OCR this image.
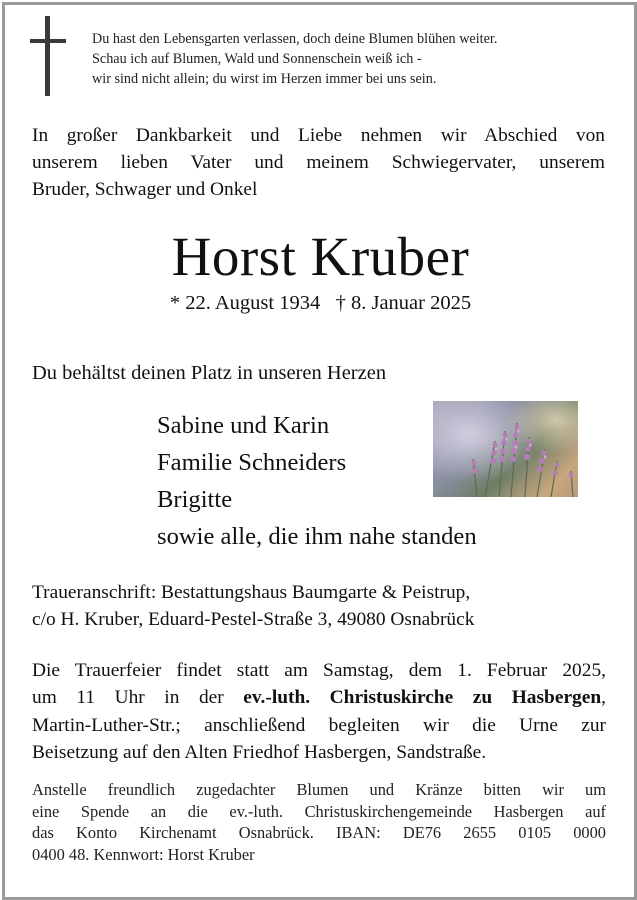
Du hast den Lebensgarten verlassen, doch deine Blumen blühen weiter.
Schau ich auf Blumen, Wald und Sonnenschein weiß ich -
wir sind nicht allein; du wirst im Herzen immer bei uns sein.
In großer Dankbarkeit und Liebe nehmen wir Abschied von
unserem lieben Vater und meinem Schwiegervater, unserem
Bruder, Schwager und Onkel
Horst Kruber
* 22. August 1934   † 8. Januar 2025
Du behältst deinen Platz in unseren Herzen
Sabine und Karin
Familie Schneiders
Brigitte
sowie alle, die ihm nahe standen
Traueranschrift: Bestattungshaus Baumgarte & Peistrup,
c/o H. Kruber, Eduard-Pestel-Straße 3, 49080 Osnabrück
Die Trauerfeier findet statt am Samstag, dem 1. Februar 2025,
um 11 Uhr in der ev.-luth. Christuskirche zu Hasbergen,
Martin-Luther-Str.; anschließend begleiten wir die Urne zur
Beisetzung auf den Alten Friedhof Hasbergen, Sandstraße.
Anstelle freundlich zugedachter Blumen und Kränze bitten wir um
eine Spende an die ev.-luth. Christuskirchengemeinde Hasbergen auf
das Konto Kirchenamt Osnabrück. IBAN: DE76 2655 0105 0000
0400 48. Kennwort: Horst Kruber
